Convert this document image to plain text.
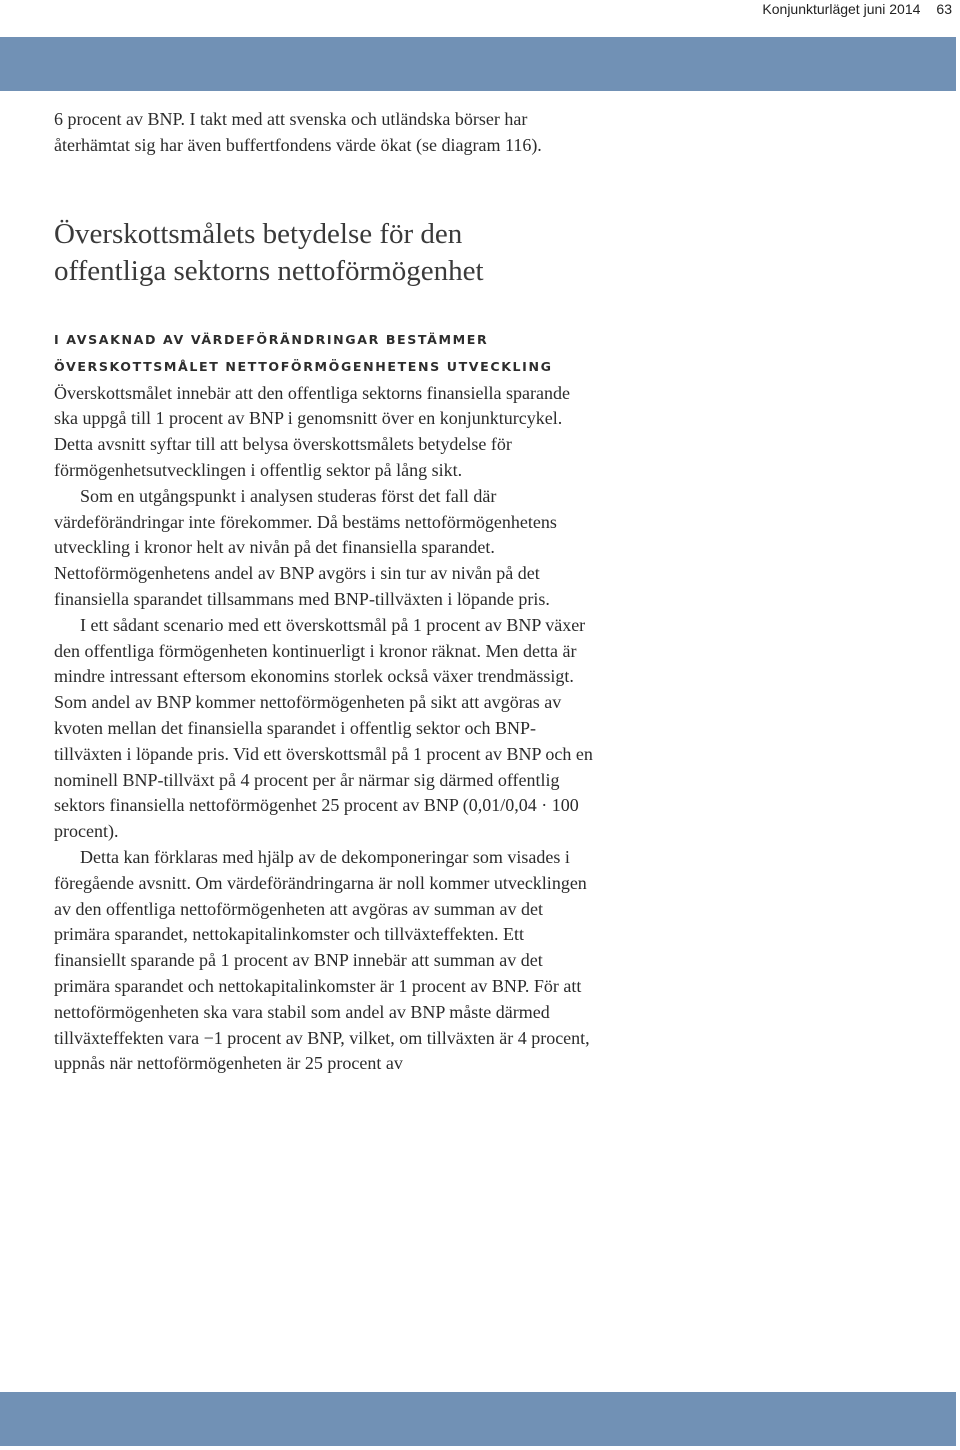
Konjunkturläget juni 2014 63

6 procent av BNP. I takt med att svenska och utländska börser har återhämtat sig har även buffertfondens värde ökat (se diagram 116).

Överskottsmålets betydelse för den
offentliga sektorns nettoförmögenhet
I AVSAKNAD AV VÄRDEFÖRÄNDRINGAR BESTÄMMER
ÖVERSKOTTSMÅLET NETTOFÖRMÖGENHETENS UTVECKLING

Överskottsmålet innebär att den offentliga sektorns finansiella sparande ska uppgå till 1 procent av BNP i genomsnitt över en konjunkturcykel. Detta avsnitt syftar till att belysa överskottsmålets betydelse för förmögenhetsutvecklingen i offentlig sektor på lång sikt.

Som en utgångspunkt i analysen studeras först det fall där värdeförändringar inte förekommer. Då bestäms nettoförmögenhetens utveckling i kronor helt av nivån på det finansiella sparandet. Nettoförmögenhetens andel av BNP avgörs i sin tur av nivån på det finansiella sparandet tillsammans med BNP-tillväxten i löpande pris.

I ett sådant scenario med ett överskottsmål på 1 procent av BNP växer den offentliga förmögenheten kontinuerligt i kronor räknat. Men detta är mindre intressant eftersom ekonomins storlek också växer trendmässigt. Som andel av BNP kommer nettoförmögenheten på sikt att avgöras av kvoten mellan det finansiella sparandet i offentlig sektor och BNP-tillväxten i löpande pris. Vid ett överskottsmål på 1 procent av BNP och en nominell BNP-tillväxt på 4 procent per år närmar sig därmed offentlig sektors finansiella nettoförmögenhet 25 procent av BNP (0,01/0,04 · 100 procent).

Detta kan förklaras med hjälp av de dekomponeringar som visades i föregående avsnitt. Om värdeförändringarna är noll kommer utvecklingen av den offentliga nettoförmögenheten att avgöras av summan av det primära sparandet, nettokapitalinkomster och tillväxteffekten. Ett finansiellt sparande på 1 procent av BNP innebär att summan av det primära sparandet och nettokapitalinkomster är 1 procent av BNP. För att nettoförmögenheten ska vara stabil som andel av BNP måste därmed tillväxteffekten vara −1 procent av BNP, vilket, om tillväxten är 4 procent, uppnås när nettoförmögenheten är 25 procent av
